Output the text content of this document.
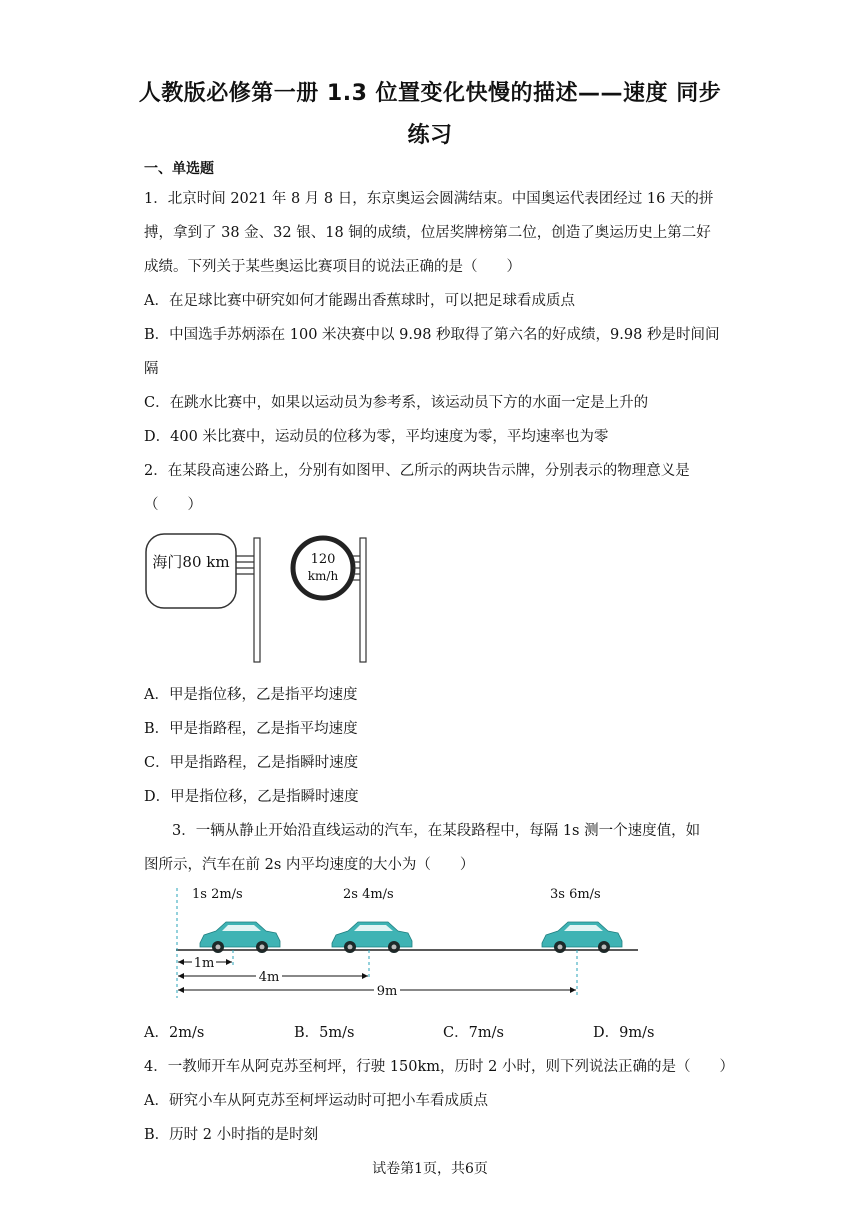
人教版必修第一册 1.3 位置变化快慢的描述——速度 同步
练习
一、单选题
1．北京时间 2021 年 8 月 8 日，东京奥运会圆满结束。中国奥运代表团经过 16 天的拼
搏，拿到了 38 金、32 银、18 铜的成绩，位居奖牌榜第二位，创造了奥运历史上第二好
成绩。下列关于某些奥运比赛项目的说法正确的是（　　）
A．在足球比赛中研究如何才能踢出香蕉球时，可以把足球看成质点
B．中国选手苏炳添在 100 米决赛中以 9.98 秒取得了第六名的好成绩，9.98 秒是时间间
隔
C．在跳水比赛中，如果以运动员为参考系，该运动员下方的水面一定是上升的
D．400 米比赛中，运动员的位移为零，平均速度为零，平均速率也为零
2．在某段高速公路上，分别有如图甲、乙所示的两块告示牌，分别表示的物理意义是
（　　）
海门80 km	120
km/h
A．甲是指位移，乙是指平均速度
B．甲是指路程，乙是指平均速度
C．甲是指路程，乙是指瞬时速度
D．甲是指位移，乙是指瞬时速度
3．一辆从静止开始沿直线运动的汽车，在某段路程中，每隔 1s 测一个速度值，如
图所示，汽车在前 2s 内平均速度的大小为（　　）
1s 2m/s	2s 4m/s	3s 6m/s
1m
4m
9m
A．2m/s	B．5m/s	C．7m/s	D．9m/s
4．一教师开车从阿克苏至柯坪，行驶 150km，历时 2 小时，则下列说法正确的是（　　）
A．研究小车从阿克苏至柯坪运动时可把小车看成质点
B．历时 2 小时指的是时刻
试卷第1页，共6页
